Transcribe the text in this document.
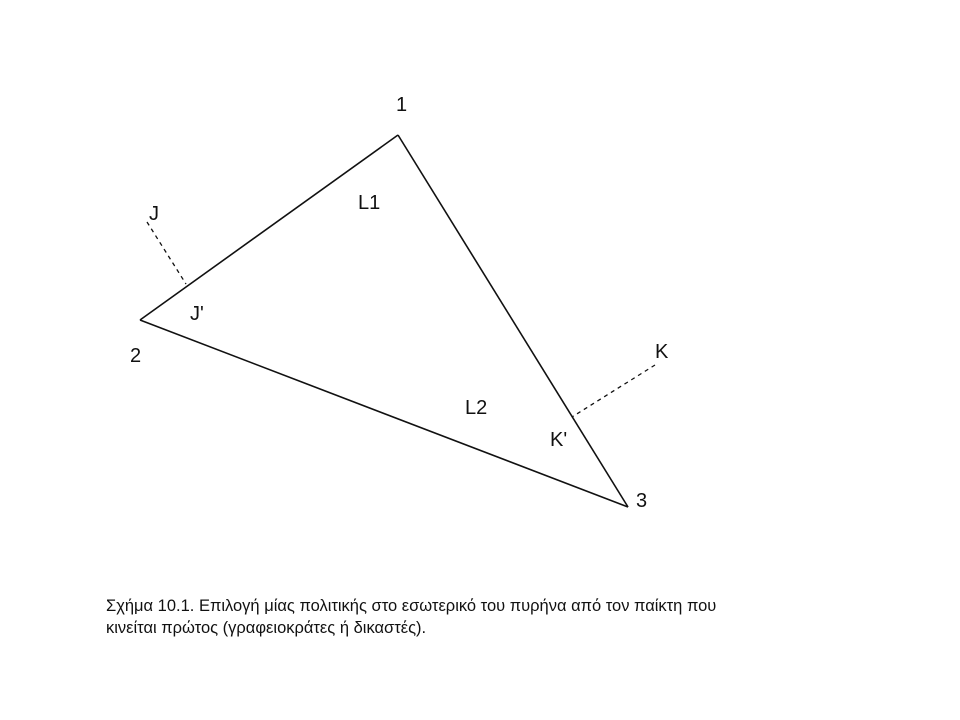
1
2
3
L1
L2
J
J'
K
K'
Σχήμα 10.1. Επιλογή μίας πολιτικής στο εσωτερικό του πυρήνα από τον παίκτη που
κινείται πρώτος (γραφειοκράτες ή δικαστές).
